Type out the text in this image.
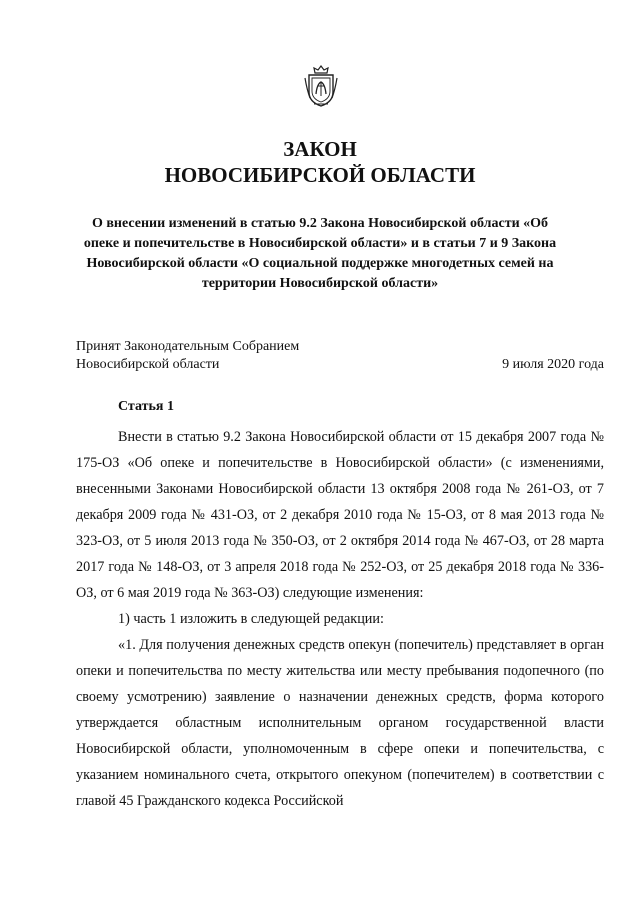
ЗАКОН
НОВОСИБИРСКОЙ ОБЛАСТИ
О внесении изменений в статью 9.2 Закона Новосибирской области «Об опеке и попечительстве в Новосибирской области» и в статьи 7 и 9 Закона Новосибирской области «О социальной поддержке многодетных семей на территории Новосибирской области»
Принят Законодательным Собранием
Новосибирской области	9 июля 2020 года
Статья 1

Внести в статью 9.2 Закона Новосибирской области от 15 декабря 2007 года № 175-ОЗ «Об опеке и попечительстве в Новосибирской области» (с изменениями, внесенными Законами Новосибирской области 13 октября 2008 года № 261-ОЗ, от 7 декабря 2009 года № 431-ОЗ, от 2 декабря 2010 года № 15-ОЗ, от 8 мая 2013 года № 323-ОЗ, от 5 июля 2013 года № 350-ОЗ, от 2 октября 2014 года № 467-ОЗ, от 28 марта 2017 года № 148-ОЗ, от 3 апреля 2018 года № 252-ОЗ, от 25 декабря 2018 года № 336-ОЗ, от 6 мая 2019 года № 363-ОЗ) следующие изменения:

1) часть 1 изложить в следующей редакции:

«1. Для получения денежных средств опекун (попечитель) представляет в орган опеки и попечительства по месту жительства или месту пребывания подопечного (по своему усмотрению) заявление о назначении денежных средств, форма которого утверждается областным исполнительным органом государственной власти Новосибирской области, уполномоченным в сфере опеки и попечительства, с указанием номинального счета, открытого опекуном (попечителем) в соответствии с главой 45 Гражданского кодекса Российской
